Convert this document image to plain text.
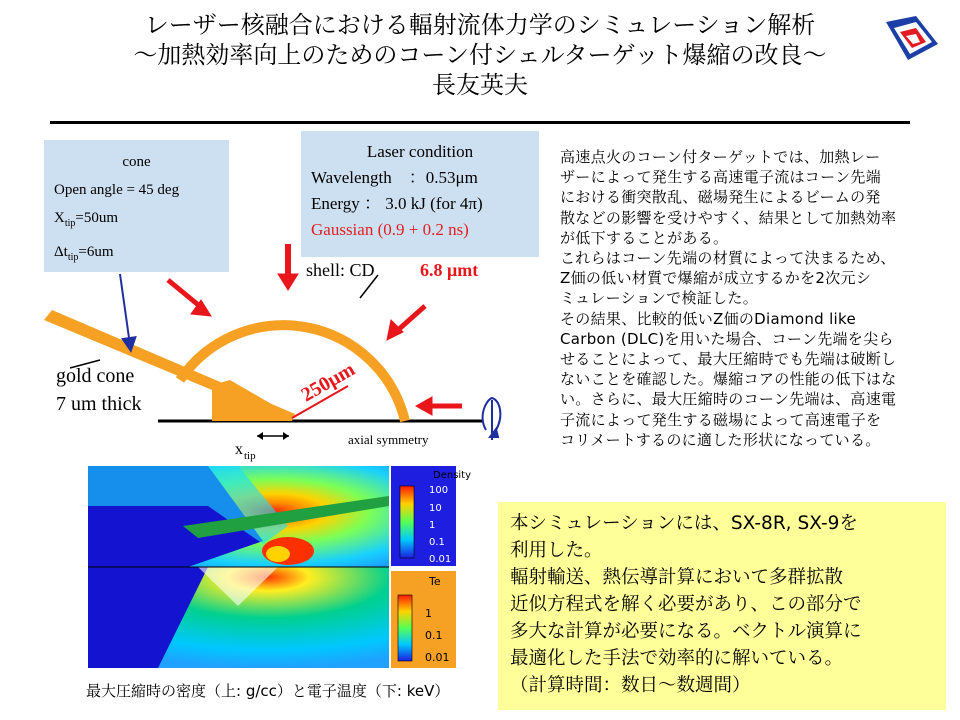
レーザー核融合における輻射流体力学のシミュレーション解析
〜加熱効率向上のためのコーン付シェルターゲット爆縮の改良〜
長友英夫
cone
Open angle = 45 deg
$X_{tip}=50um$
$\Delta t_{tip}=6um$
Laser condition
Wavelength　：0.53μm
Energy ： 3.0 kJ (for 4π)
Gaussian (0.9 + 0.2 ns)
shell: CD	6.8 μmt
gold cone
7 um thick	250μm
x tip
axial symmetry
高速点火のコーン付ターゲットでは、加熱レー
ザーによって発生する高速電子流はコーン先端
における衝突散乱、磁場発生によるビームの発
散などの影響を受けやすく、結果として加熱効率
が低下することがある。
これらはコーン先端の材質によって決まるため、
Z価の低い材質で爆縮が成立するかを2次元シ
ミュレーションで検証した。
その結果、比較的低いZ価のDiamond like
Carbon (DLC)を用いた場合、コーン先端を尖ら
せることによって、最大圧縮時でも先端は破断し
ないことを確認した。爆縮コアの性能の低下はな
い。さらに、最大圧縮時のコーン先端は、高速電
子流によって発生する磁場によって高速電子を
コリメートするのに適した形状になっている。
Density
100
10
1
0.1
0.01
Te
1
0.1
0.01
最大圧縮時の密度（上: g/cc）と電子温度（下: keV）
本シミュレーションには、SX-8R, SX-9を
利用した。
輻射輸送、熱伝導計算において多群拡散
近似方程式を解く必要があり、この部分で
多大な計算が必要になる。ベクトル演算に
最適化した手法で効率的に解いている。
（計算時間：数日〜数週間）
